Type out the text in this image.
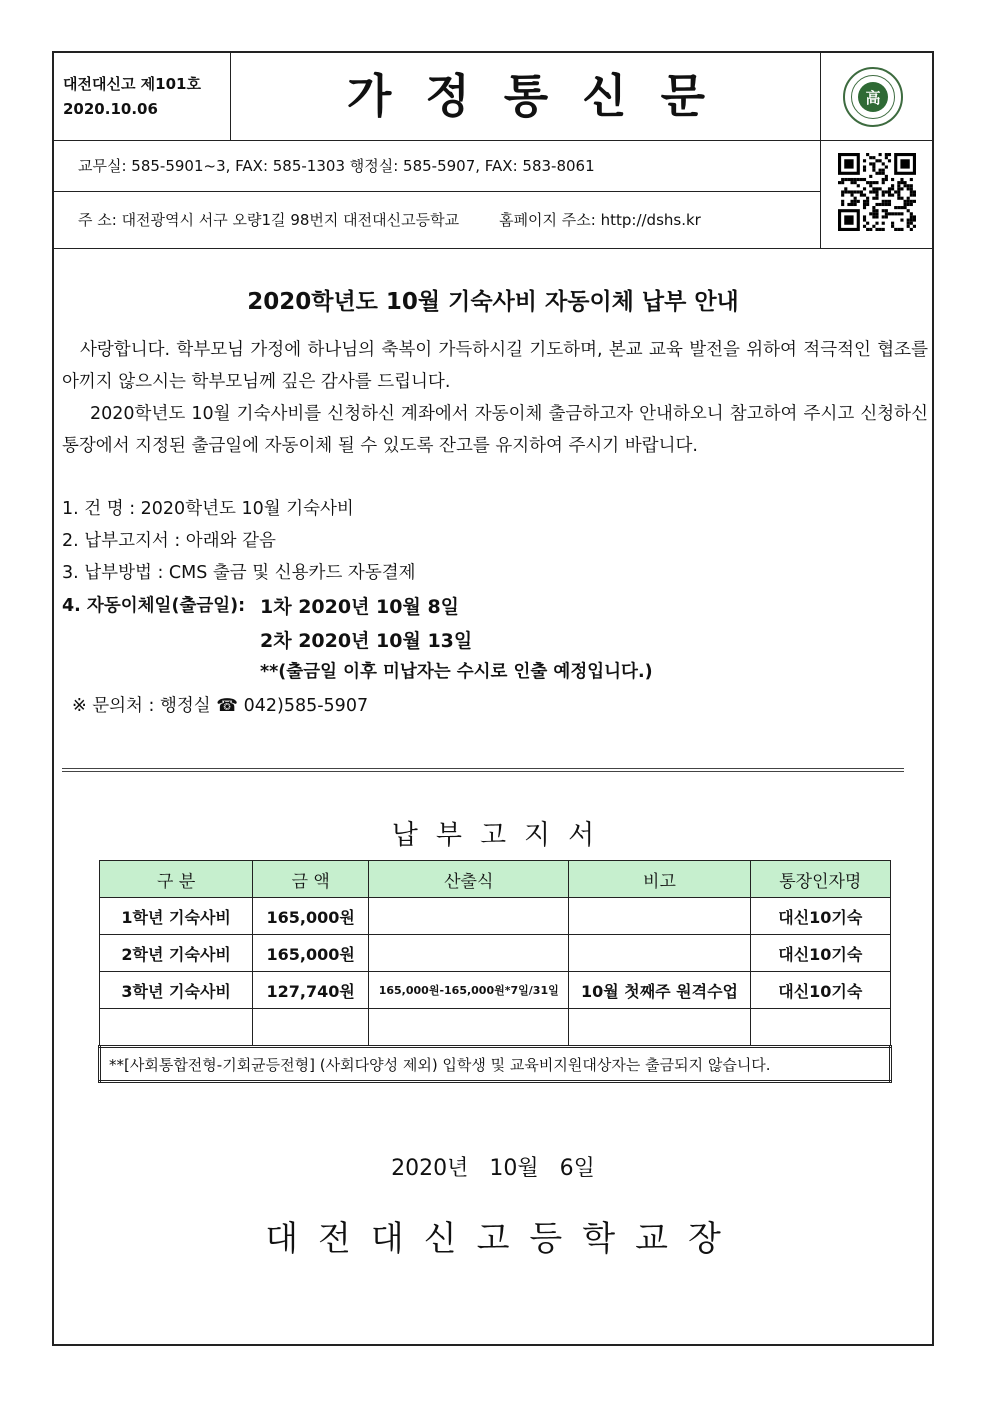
대전대신고 제101호
2020.10.06	가정통신문	高
교무실: 585-5901~3, FAX: 585-1303 행정실: 585-5907, FAX: 583-8061
주 소: 대전광역시 서구 오량1길 98번지 대전대신고등학교	홈페이지 주소: http://dshs.kr
2020학년도 10월 기숙사비 자동이체 납부 안내
사랑합니다. 학부모님 가정에 하나님의 축복이 가득하시길 기도하며, 본교 교육 발전을 위하여 적극적인 협조를 아끼지 않으시는 학부모님께 깊은 감사를 드립니다.
2020학년도 10월 기숙사비를 신청하신 계좌에서 자동이체 출금하고자 안내하오니 참고하여 주시고 신청하신 통장에서 지정된 출금일에 자동이체 될 수 있도록 잔고를 유지하여 주시기 바랍니다.
1. 건 명 : 2020학년도 10월 기숙사비
2. 납부고지서 : 아래와 같음
3. 납부방법 : CMS 출금 및 신용카드 자동결제
4. 자동이체일(출금일): 1차 2020년 10월 8일
2차 2020년 10월 13일
**(출금일 이후 미납자는 수시로 인출 예정입니다.)
※ 문의처 : 행정실 ☎ 042)585-5907
납부고지서
구 분	금 액	산출식	비고	통장인자명
1학년 기숙사비	165,000원			대신10기숙
2학년 기숙사비	165,000원			대신10기숙
3학년 기숙사비	127,740원	165,000원-165,000원*7일/31일	10월 첫째주 원격수업	대신10기숙

**[사회통합전형-기회균등전형] (사회다양성 제외) 입학생 및 교육비지원대상자는 출금되지 않습니다.				
2020년 10월 6일
대전대신고등학교장
